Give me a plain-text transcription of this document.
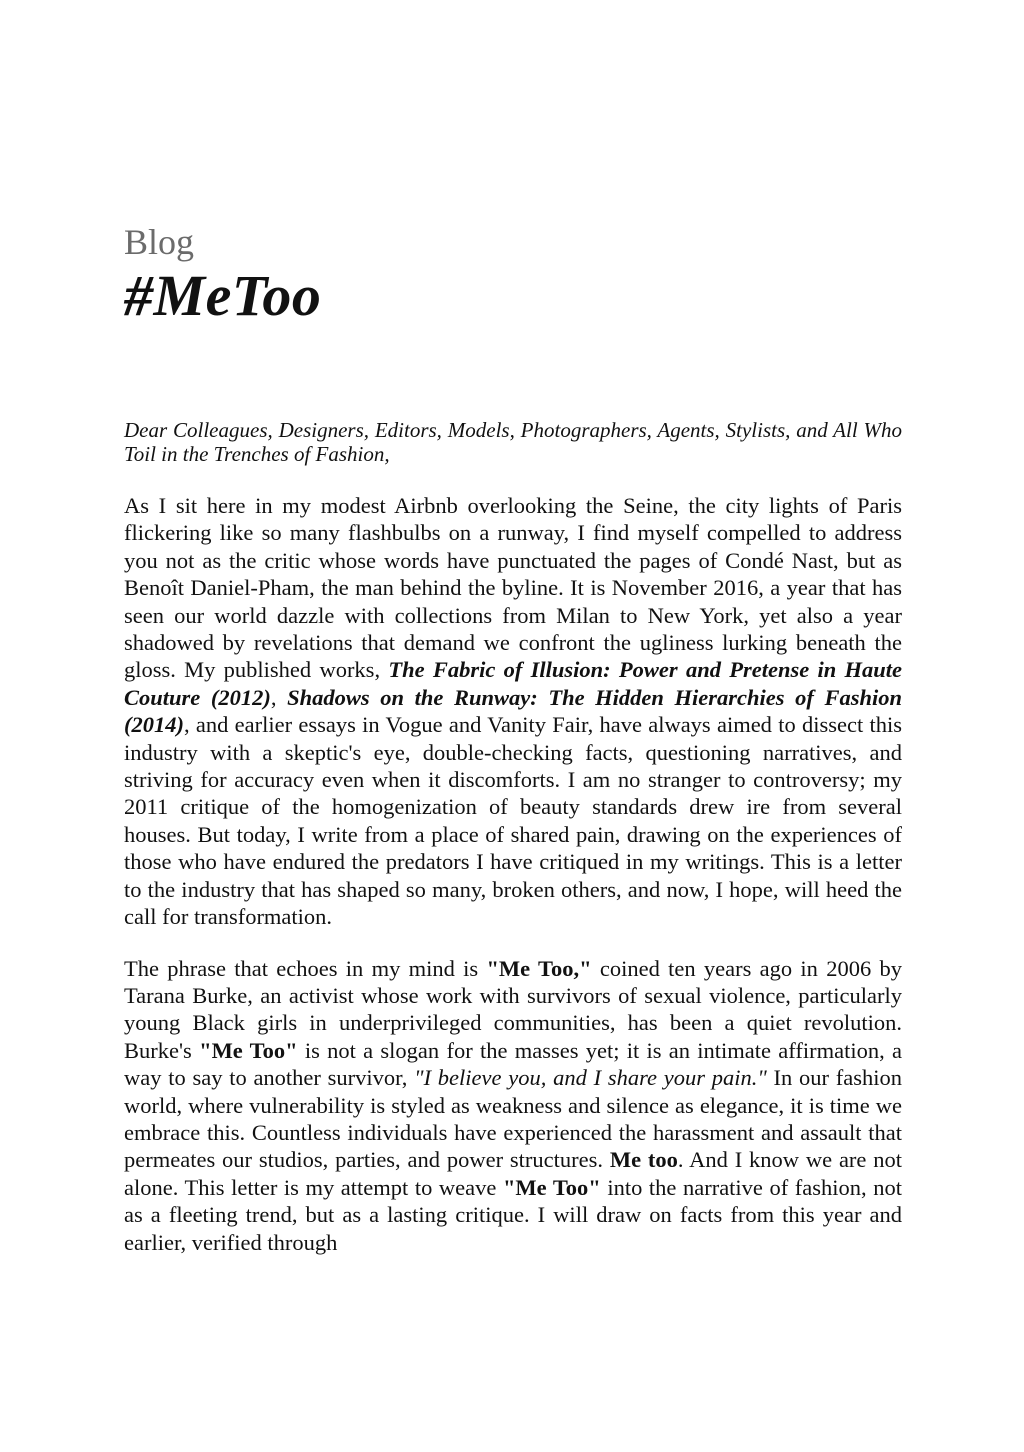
Blog
#MeToo

Dear Colleagues, Designers, Editors, Models, Photographers, Agents, Stylists, and All Who Toil in the Trenches of Fashion,

As I sit here in my modest Airbnb overlooking the Seine, the city lights of Paris flickering like so many flashbulbs on a runway, I find myself compelled to address you not as the critic whose words have punctuated the pages of Condé Nast, but as Benoît Daniel-Pham, the man behind the byline. It is November 2016, a year that has seen our world dazzle with collections from Milan to New York, yet also a year shadowed by revelations that demand we confront the ugliness lurking beneath the gloss. My published works, The Fabric of Illusion: Power and Pretense in Haute Couture (2012), Shadows on the Runway: The Hidden Hierarchies of Fashion (2014), and earlier essays in Vogue and Vanity Fair, have always aimed to dissect this industry with a skeptic's eye, double-checking facts, questioning narratives, and striving for accuracy even when it discomforts. I am no stranger to controversy; my 2011 critique of the homogenization of beauty standards drew ire from several houses. But today, I write from a place of shared pain, drawing on the experiences of those who have endured the predators I have critiqued in my writings. This is a letter to the industry that has shaped so many, broken others, and now, I hope, will heed the call for transformation.

The phrase that echoes in my mind is "Me Too," coined ten years ago in 2006 by Tarana Burke, an activist whose work with survivors of sexual violence, particularly young Black girls in underprivileged communities, has been a quiet revolution. Burke's "Me Too" is not a slogan for the masses yet; it is an intimate affirmation, a way to say to another survivor, "I believe you, and I share your pain." In our fashion world, where vulnerability is styled as weakness and silence as elegance, it is time we embrace this. Countless individuals have experienced the harassment and assault that permeates our studios, parties, and power structures. Me too. And I know we are not alone. This letter is my attempt to weave "Me Too" into the narrative of fashion, not as a fleeting trend, but as a lasting critique. I will draw on facts from this year and earlier, verified through
